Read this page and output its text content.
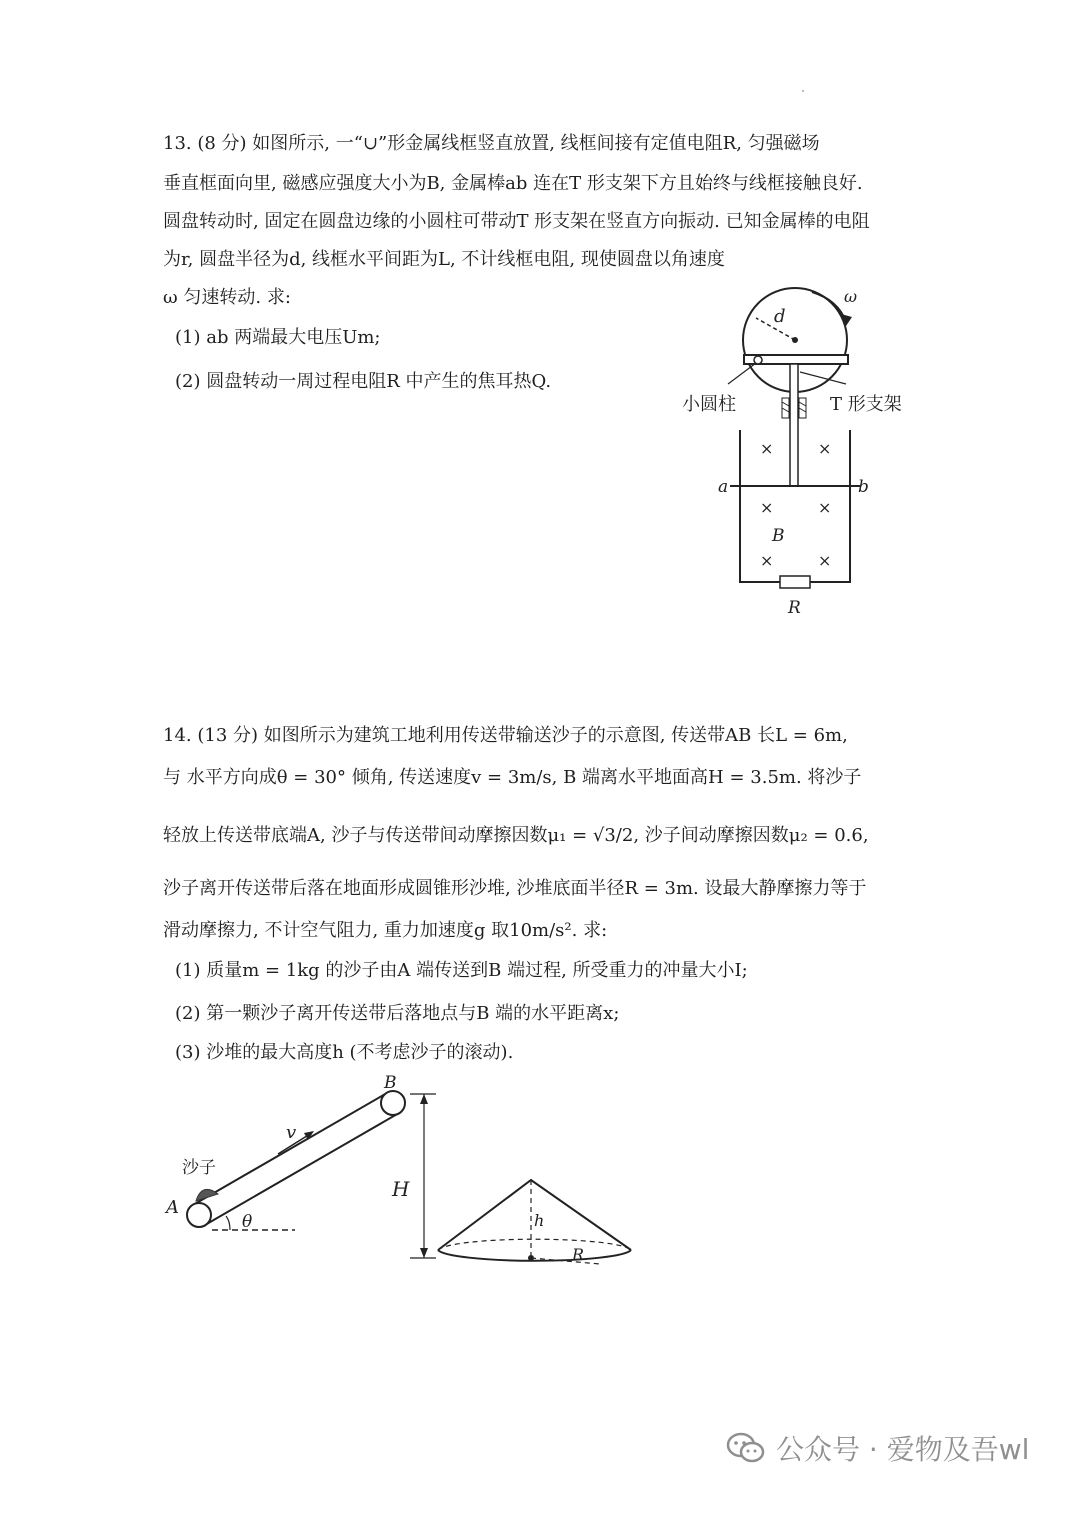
13. (8 分) 如图所示, 一“∪”形金属线框竖直放置, 线框间接有定值电阻R, 匀强磁场
垂直框面向里, 磁感应强度大小为B, 金属棒ab 连在T 形支架下方且始终与线框接触良好.
圆盘转动时, 固定在圆盘边缘的小圆柱可带动T 形支架在竖直方向振动. 已知金属棒的电阻
为r, 圆盘半径为d, 线框水平间距为L, 不计线框电阻, 现使圆盘以角速度
ω 匀速转动. 求:
(1) ab 两端最大电压Um;
(2) 圆盘转动一周过程电阻R 中产生的焦耳热Q.
d
ω
小圆柱	T 形支架
R
a	b
×	×
×	×
×	×
B
14. (13 分) 如图所示为建筑工地利用传送带输送沙子的示意图, 传送带AB 长L = 6m,
与 水平方向成θ = 30° 倾角, 传送速度v = 3m/s, B 端离水平地面高H = 3.5m. 将沙子
轻放上传送带底端A, 沙子与传送带间动摩擦因数μ₁ = √3/2, 沙子间动摩擦因数μ₂ = 0.6,
沙子离开传送带后落在地面形成圆锥形沙堆, 沙堆底面半径R = 3m. 设最大静摩擦力等于
滑动摩擦力, 不计空气阻力, 重力加速度g 取10m/s². 求:
(1) 质量m = 1kg 的沙子由A 端传送到B 端过程, 所受重力的冲量大小I;
(2) 第一颗沙子离开传送带后落地点与B 端的水平距离x;
(3) 沙堆的最大高度h (不考虑沙子的滚动).
沙子
A
B
v
θ
H
h
R
公众号 · 爱物及吾wl
